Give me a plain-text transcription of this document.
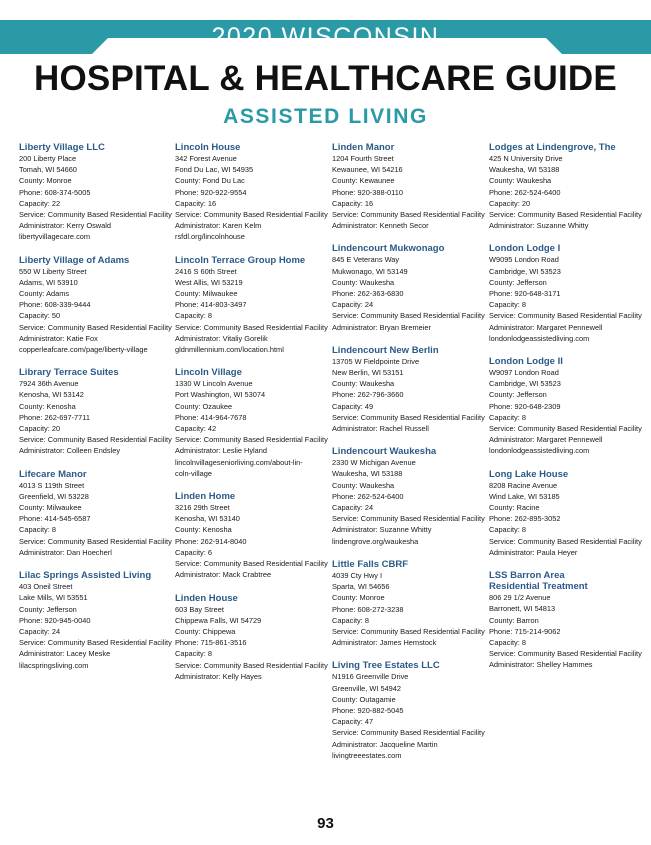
2020 WISCONSIN
HOSPITAL & HEALTHCARE GUIDE
ASSISTED LIVING
Liberty Village LLC
200 Liberty Place
Tomah, WI 54660
County: Monroe
Phone: 608-374-5005
Capacity: 22
Service: Community Based Residential Facility
Administrator: Kerry Oswald
libertyvillagecare.com
Liberty Village of Adams
550 W Liberty Street
Adams, WI 53910
County: Adams
Phone: 608-339-9444
Capacity: 50
Service: Community Based Residential Facility
Administrator: Katie Fox
copperleafcare.com/page/liberty-village
Library Terrace Suites
7924 36th Avenue
Kenosha, WI 53142
County: Kenosha
Phone: 262-697-7711
Capacity: 20
Service: Community Based Residential Facility
Administrator: Colleen Endsley
Lifecare Manor
4013 S 119th Street
Greenfield, WI 53228
County: Milwaukee
Phone: 414-545-6587
Capacity: 8
Service: Community Based Residential Facility
Administrator: Dan Hoecherl
Lilac Springs Assisted Living
403 Oneil Street
Lake Mills, WI 53551
County: Jefferson
Phone: 920-945-0040
Capacity: 24
Service: Community Based Residential Facility
Administrator: Lacey Meske
lilacspringsliving.com
Lincoln House
342 Forest Avenue
Fond Du Lac, WI 54935
County: Fond Du Lac
Phone: 920-922-9554
Capacity: 16
Service: Community Based Residential Facility
Administrator: Karen Kelm
rsfdl.org/lincolnhouse
Lincoln Terrace Group Home
2416 S 60th Street
West Allis, WI 53219
County: Milwaukee
Phone: 414-803-3497
Capacity: 8
Service: Community Based Residential Facility
Administrator: Vitaliy Gorelik
gldnmillennium.com/location.html
Lincoln Village
1330 W Lincoln Avenue
Port Washington, WI 53074
County: Ozaukee
Phone: 414-964-7678
Capacity: 42
Service: Community Based Residential Facility
Administrator: Leslie Hyland
lincolnvillageseniorliving.com/about-lin-
coln-village
Linden Home
3216 29th Street
Kenosha, WI 53140
County: Kenosha
Phone: 262-914-8040
Capacity: 6
Service: Community Based Residential Facility
Administrator: Mack Crabtree
Linden House
603 Bay Street
Chippewa Falls, WI 54729
County: Chippewa
Phone: 715-861-3516
Capacity: 8
Service: Community Based Residential Facility
Administrator: Kelly Hayes
Linden Manor
1204 Fourth Street
Kewaunee, WI 54216
County: Kewaunee
Phone: 920-388-0110
Capacity: 16
Service: Community Based Residential Facility
Administrator: Kenneth Secor
Lindencourt Mukwonago
845 E Veterans Way
Mukwonago, WI 53149
County: Waukesha
Phone: 262-363-6830
Capacity: 24
Service: Community Based Residential Facility
Administrator: Bryan Bremeier
Lindencourt New Berlin
13705 W Fieldpointe Drive
New Berlin, WI 53151
County: Waukesha
Phone: 262-796-3660
Capacity: 49
Service: Community Based Residential Facility
Administrator: Rachel Russell
Lindencourt Waukesha
2330 W Michigan Avenue
Waukesha, WI 53188
County: Waukesha
Phone: 262-524-6400
Capacity: 24
Service: Community Based Residential Facility
Administrator: Suzanne Whitty
lindengrove.org/waukesha
Little Falls CBRF
4039 Cty Hwy I
Sparta, WI 54656
County: Monroe
Phone: 608-272-3238
Capacity: 8
Service: Community Based Residential Facility
Administrator: James Hemstock
Living Tree Estates LLC
N1916 Greenville Drive
Greenville, WI 54942
County: Outagamie
Phone: 920-882-5045
Capacity: 47
Service: Community Based Residential Facility
Administrator: Jacqueline Martin
livingtreeestates.com
Lodges at Lindengrove, The
425 N University Drive
Waukesha, WI 53188
County: Waukesha
Phone: 262-524-6400
Capacity: 20
Service: Community Based Residential Facility
Administrator: Suzanne Whitty
London Lodge I
W9095 London Road
Cambridge, WI 53523
County: Jefferson
Phone: 920-648-3171
Capacity: 8
Service: Community Based Residential Facility
Administrator: Margaret Pennewell
londonlodgeassistedliving.com
London Lodge II
W9097 London Road
Cambridge, WI 53523
County: Jefferson
Phone: 920-648-2309
Capacity: 8
Service: Community Based Residential Facility
Administrator: Margaret Pennewell
londonlodgeassistedliving.com
Long Lake House
8208 Racine Avenue
Wind Lake, WI 53185
County: Racine
Phone: 262-895-3052
Capacity: 8
Service: Community Based Residential Facility
Administrator: Paula Heyer
LSS Barron Area
Residential Treatment
806 29 1/2 Avenue
Barronett, WI 54813
County: Barron
Phone: 715-214-9062
Capacity: 8
Service: Community Based Residential Facility
Administrator: Shelley Hammes
93
